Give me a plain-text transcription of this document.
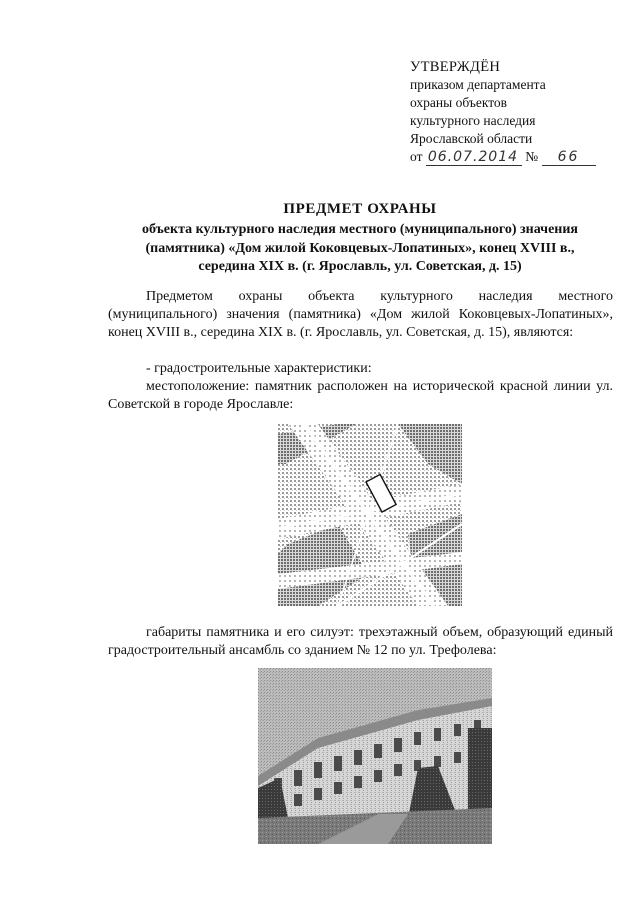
УТВЕРЖДЁН
приказом департамента
охраны объектов
культурного наследия
Ярославской области
от 06.07.2014 № 66
ПРЕДМЕТ ОХРАНЫ
объекта культурного наследия местного (муниципального) значения
(памятника) «Дом жилой Коковцевых-Лопатиных», конец XVIII в.,
середина XIX в. (г. Ярославль, ул. Советская, д. 15)
Предметом охраны объекта культурного наследия местного (муниципального) значения (памятника) «Дом жилой Коковцевых-Лопатиных», конец XVIII в., середина XIX в. (г. Ярославль, ул. Советская, д. 15), являются:
- градостроительные характеристики:
местоположение: памятник расположен на исторической красной линии ул. Советской в городе Ярославле:
габариты памятника и его силуэт: трехэтажный объем, образующий единый градостроительный ансамбль со зданием № 12 по ул. Трефолева:
